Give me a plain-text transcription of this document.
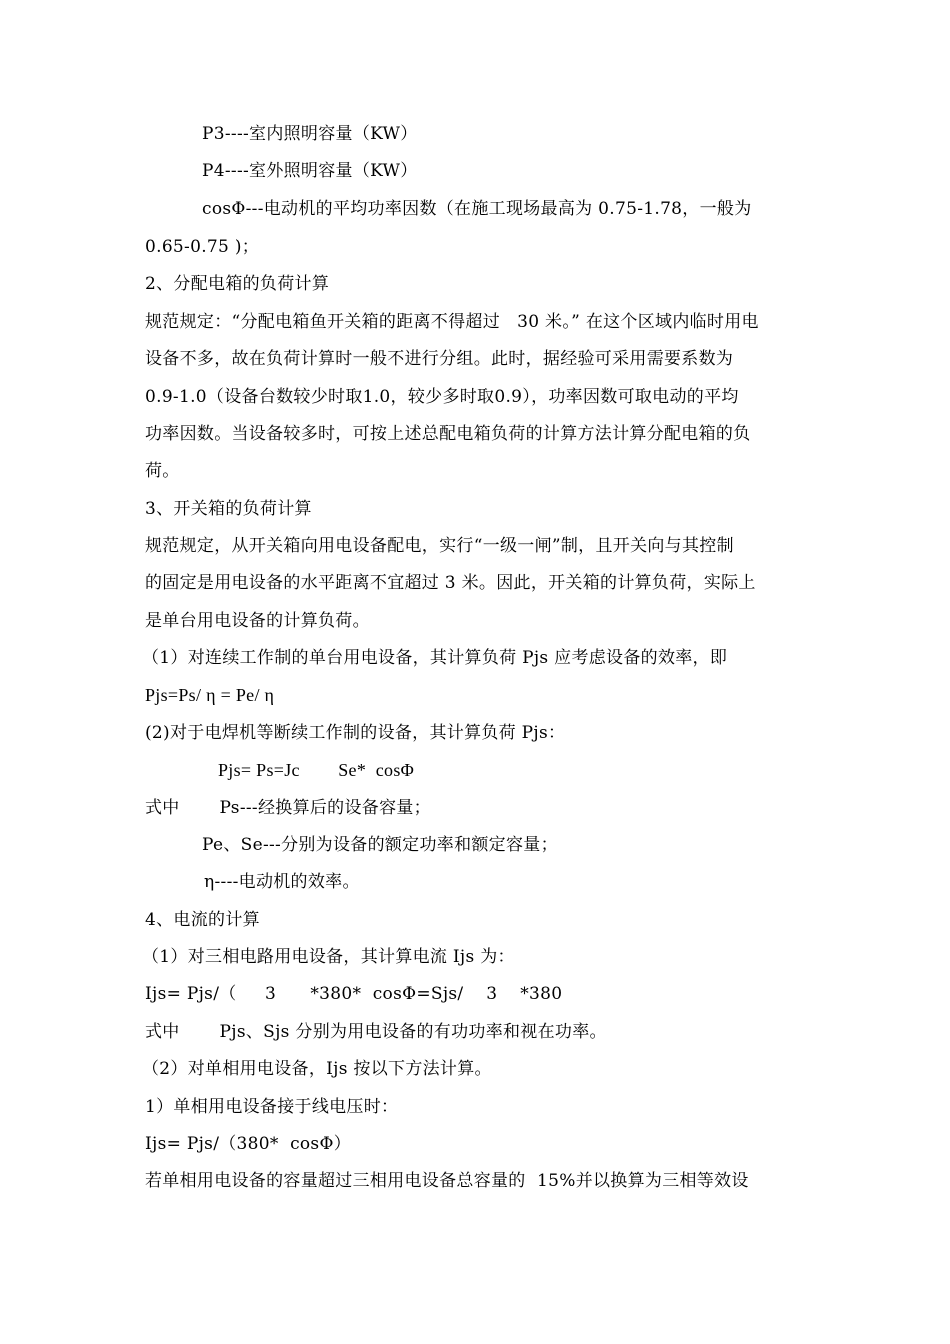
P3----室内照明容量（KW）
P4----室外照明容量（KW）
cosΦ---电动机的平均功率因数（在施工现场最高为 0.75-1.78，一般为
0.65-0.75 )；
2、分配电箱的负荷计算
规范规定：“分配电箱鱼开关箱的距离不得超过   30 米。” 在这个区域内临时用电
设备不多，故在负荷计算时一般不进行分组。此时，据经验可采用需要系数为
0.9-1.0（设备台数较少时取1.0，较少多时取0.9），功率因数可取电动的平均
功率因数。当设备较多时，可按上述总配电箱负荷的计算方法计算分配电箱的负
荷。
3、开关箱的负荷计算
规范规定，从开关箱向用电设备配电，实行“一级一闸”制，且开关向与其控制
的固定是用电设备的水平距离不宜超过 3 米。因此，开关箱的计算负荷，实际上
是单台用电设备的计算负荷。
（1）对连续工作制的单台用电设备，其计算负荷 Pjs 应考虑设备的效率，即
Pjs=Ps/ η = Pe/ η
(2)对于电焊机等断续工作制的设备，其计算负荷 Pjs：
Pjs= Ps=Jc        Se*  cosΦ
式中       Ps---经换算后的设备容量；
Pe、Se---分别为设备的额定功率和额定容量；
η----电动机的效率。
4、电流的计算
（1）对三相电路用电设备，其计算电流 Ijs 为：
Ijs= Pjs/（     3      *380*  cosΦ=Sjs/    3    *380
式中       Pjs、Sjs 分别为用电设备的有功功率和视在功率。
（2）对单相用电设备，Ijs 按以下方法计算。
1）单相用电设备接于线电压时：
Ijs= Pjs/（380*  cosΦ）
若单相用电设备的容量超过三相用电设备总容量的  15%并以换算为三相等效设
